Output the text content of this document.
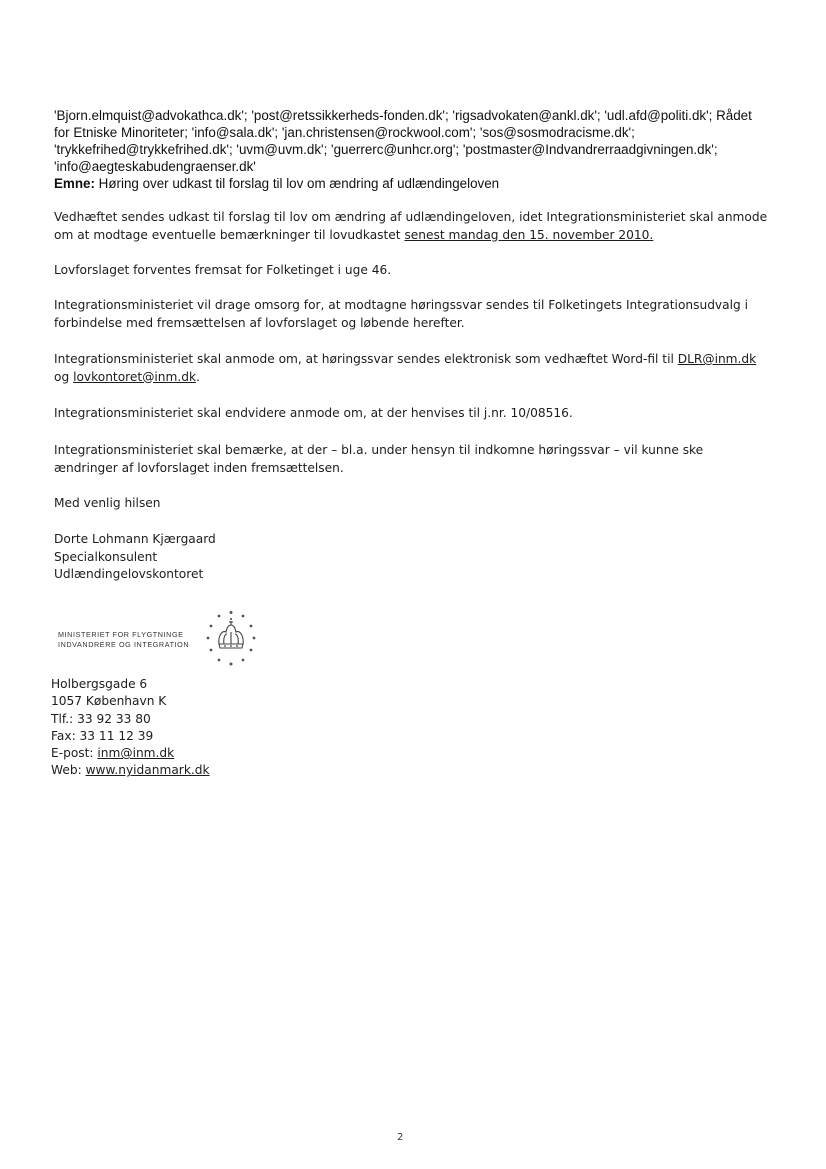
'Bjorn.elmquist@advokathca.dk'; 'post@retssikkerheds-fonden.dk'; 'rigsadvokaten@ankl.dk'; 'udl.afd@politi.dk'; Rådet
for Etniske Minoriteter; 'info@sala.dk'; 'jan.christensen@rockwool.com'; 'sos@sosmodracisme.dk';
'trykkefrihed@trykkefrihed.dk'; 'uvm@uvm.dk'; 'guerrerc@unhcr.org'; 'postmaster@Indvandrerraadgivningen.dk';
'info@aegteskabudengraenser.dk'
Emne: Høring over udkast til forslag til lov om ændring af udlændingeloven
Vedhæftet sendes udkast til forslag til lov om ændring af udlændingeloven, idet Integrationsministeriet skal anmode
om at modtage eventuelle bemærkninger til lovudkastet senest mandag den 15. november 2010.
Lovforslaget forventes fremsat for Folketinget i uge 46.
Integrationsministeriet vil drage omsorg for, at modtagne høringssvar sendes til Folketingets Integrationsudvalg i
forbindelse med fremsættelsen af lovforslaget og løbende herefter.
Integrationsministeriet skal anmode om, at høringssvar sendes elektronisk som vedhæftet Word-fil til DLR@inm.dk
og lovkontoret@inm.dk.
Integrationsministeriet skal endvidere anmode om, at der henvises til j.nr. 10/08516.
Integrationsministeriet skal bemærke, at der – bl.a. under hensyn til indkomne høringssvar – vil kunne ske
ændringer af lovforslaget inden fremsættelsen.
Med venlig hilsen
Dorte Lohmann Kjærgaard
Specialkonsulent
Udlændingelovskontoret
MINISTERIET FOR FLYGTNINGE
INDVANDRERE OG INTEGRATION
Holbergsgade 6
1057 København K
Tlf.: 33 92 33 80
Fax: 33 11 12 39
E-post: inm@inm.dk
Web: www.nyidanmark.dk
2
